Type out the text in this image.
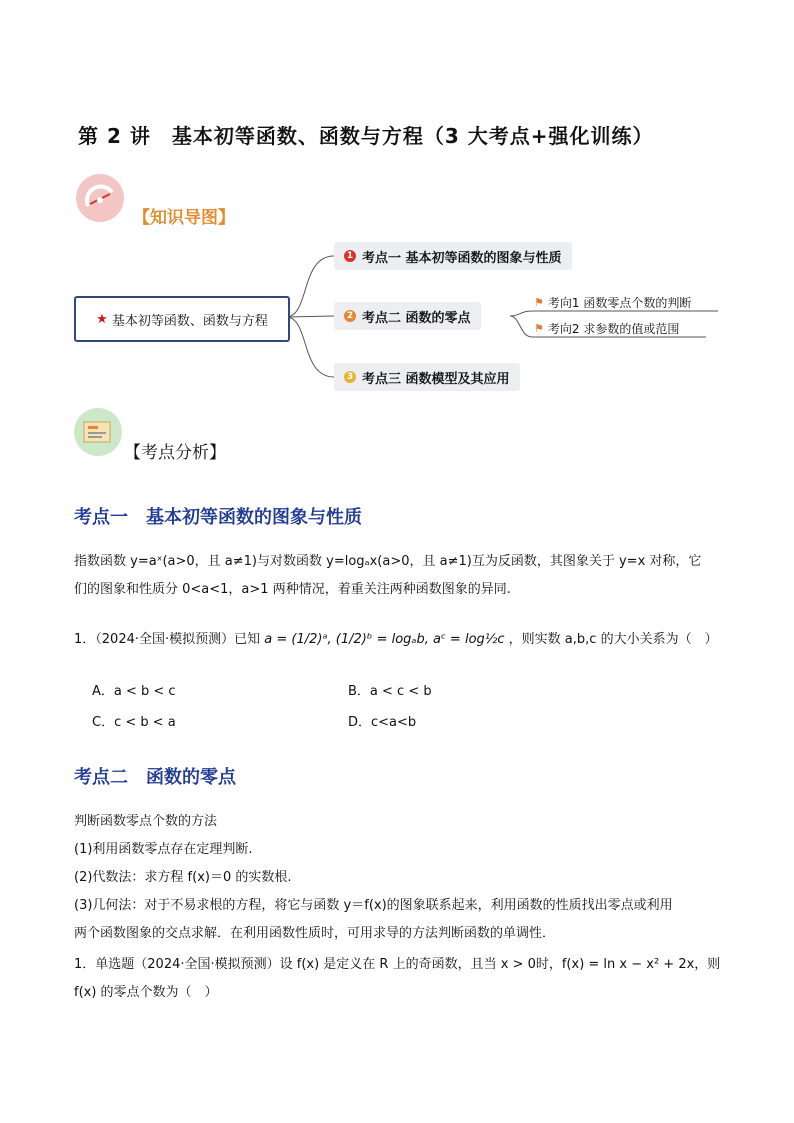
第 2 讲　基本初等函数、函数与方程（3 大考点+强化训练）
【知识导图】
★ 基本初等函数、函数与方程
1 考点一 基本初等函数的图象与性质
2 考点二 函数的零点
3 考点三 函数模型及其应用
⚑ 考向1 函数零点个数的判断
⚑ 考向2 求参数的值或范围
【考点分析】
考点一　基本初等函数的图象与性质
指数函数 y=aˣ(a>0，且 a≠1)与对数函数 y=logₐx(a>0，且 a≠1)互为反函数，其图象关于 y=x 对称，它
们的图象和性质分 0<a<1，a>1 两种情况，着重关注两种函数图象的异同.
1．（2024·全国·模拟预测）已知 a = (1/2)ᵃ, (1/2)ᵇ = logₐb, aᶜ = log½c ，则实数 a,b,c 的大小关系为（　）
A．a < b < c	B．a < c < b
C．c < b < a	D．c<a<b
考点二　函数的零点
判断函数零点个数的方法
(1)利用函数零点存在定理判断.
(2)代数法：求方程 f(x)＝0 的实数根.
(3)几何法：对于不易求根的方程，将它与函数 y＝f(x)的图象联系起来，利用函数的性质找出零点或利用
两个函数图象的交点求解．在利用函数性质时，可用求导的方法判断函数的单调性．
1．单选题（2024·全国·模拟预测）设 f(x) 是定义在 R 上的奇函数，且当 x > 0时，f(x) = ln x − x² + 2x，则
f(x) 的零点个数为（　）
